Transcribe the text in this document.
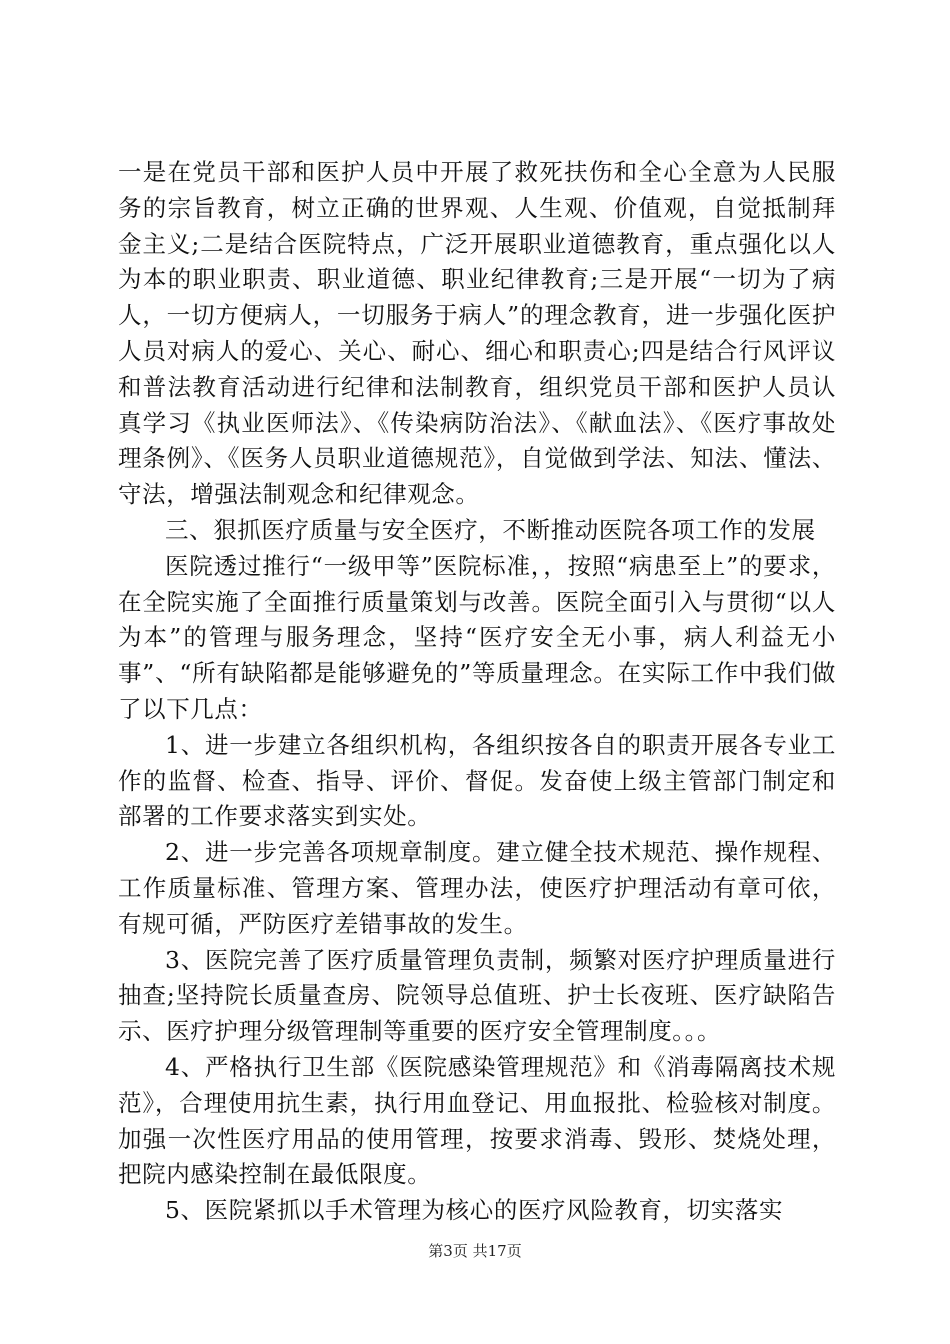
一是在党员干部和医护人员中开展了救死扶伤和全心全意为人民服务的宗旨教育，树立正确的世界观、人生观、价值观，自觉抵制拜金主义;二是结合医院特点，广泛开展职业道德教育，重点强化以人为本的职业职责、职业道德、职业纪律教育;三是开展“一切为了病人，一切方便病人，一切服务于病人”的理念教育，进一步强化医护人员对病人的爱心、关心、耐心、细心和职责心;四是结合行风评议和普法教育活动进行纪律和法制教育，组织党员干部和医护人员认真学习《执业医师法》、《传染病防治法》、《献血法》、《医疗事故处理条例》、《医务人员职业道德规范》，自觉做到学法、知法、懂法、守法，增强法制观念和纪律观念。

三、狠抓医疗质量与安全医疗，不断推动医院各项工作的发展

医院透过推行“一级甲等”医院标准，，按照“病患至上”的要求，在全院实施了全面推行质量策划与改善。医院全面引入与贯彻“以人为本”的管理与服务理念，坚持“医疗安全无小事，病人利益无小事”、“所有缺陷都是能够避免的”等质量理念。在实际工作中我们做了以下几点：

1、进一步建立各组织机构，各组织按各自的职责开展各专业工作的监督、检查、指导、评价、督促。发奋使上级主管部门制定和部署的工作要求落实到实处。

2、进一步完善各项规章制度。建立健全技术规范、操作规程、工作质量标准、管理方案、管理办法，使医疗护理活动有章可依，有规可循，严防医疗差错事故的发生。

3、医院完善了医疗质量管理负责制，频繁对医疗护理质量进行抽查;坚持院长质量查房、院领导总值班、护士长夜班、医疗缺陷告示、医疗护理分级管理制等重要的医疗安全管理制度。。。

4、严格执行卫生部《医院感染管理规范》和《消毒隔离技术规范》，合理使用抗生素，执行用血登记、用血报批、检验核对制度。加强一次性医疗用品的使用管理，按要求消毒、毁形、焚烧处理，把院内感染控制在最低限度。

5、医院紧抓以手术管理为核心的医疗风险教育，切实落实

第3页 共17页
